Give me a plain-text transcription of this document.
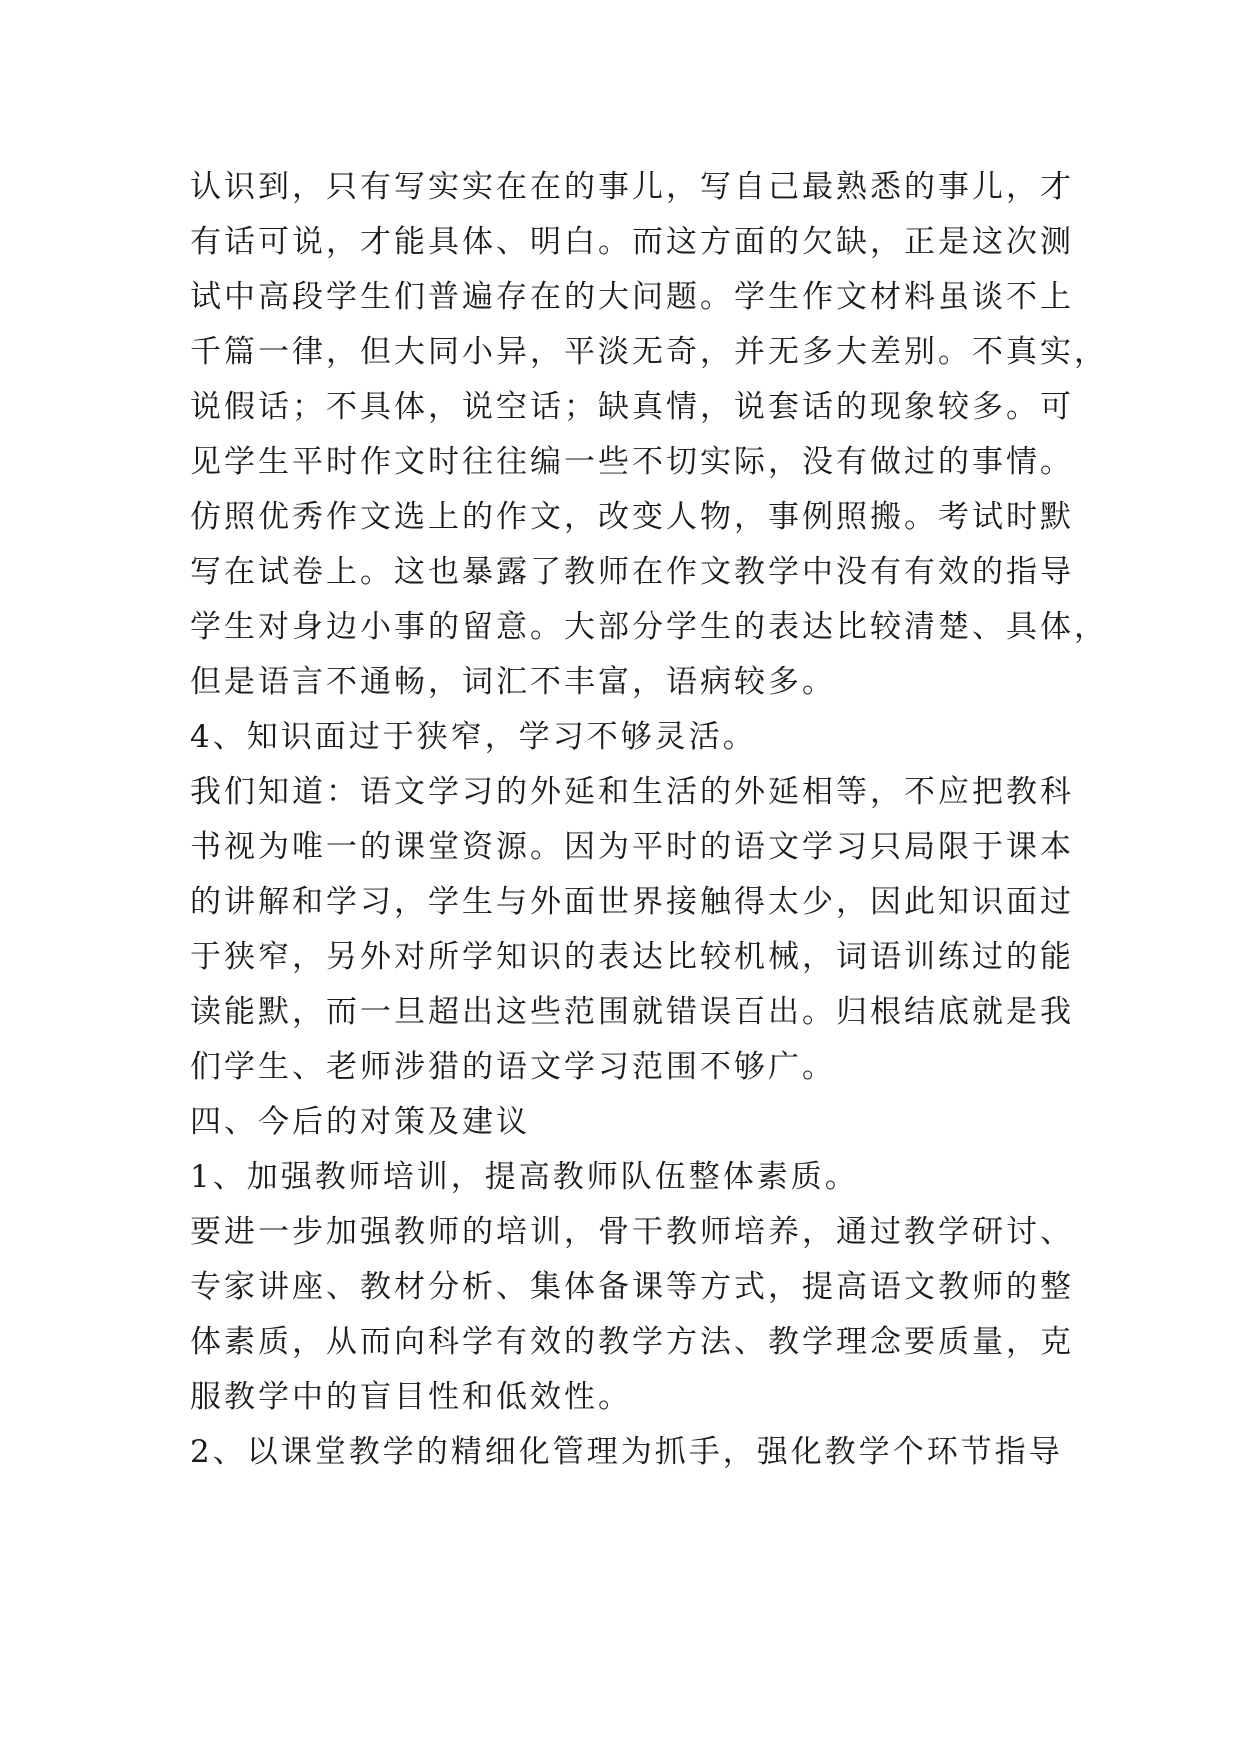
认识到，只有写实实在在的事儿，写自己最熟悉的事儿，才
有话可说，才能具体、明白。而这方面的欠缺，正是这次测
试中高段学生们普遍存在的大问题。学生作文材料虽谈不上
千篇一律，但大同小异，平淡无奇，并无多大差别。不真实，
说假话；不具体，说空话；缺真情，说套话的现象较多。可
见学生平时作文时往往编一些不切实际，没有做过的事情。
仿照优秀作文选上的作文，改变人物，事例照搬。考试时默
写在试卷上。这也暴露了教师在作文教学中没有有效的指导
学生对身边小事的留意。大部分学生的表达比较清楚、具体，
但是语言不通畅，词汇不丰富，语病较多。
4、知识面过于狭窄，学习不够灵活。
我们知道：语文学习的外延和生活的外延相等，不应把教科
书视为唯一的课堂资源。因为平时的语文学习只局限于课本
的讲解和学习，学生与外面世界接触得太少，因此知识面过
于狭窄，另外对所学知识的表达比较机械，词语训练过的能
读能默，而一旦超出这些范围就错误百出。归根结底就是我
们学生、老师涉猎的语文学习范围不够广。
四、今后的对策及建议
1、加强教师培训，提高教师队伍整体素质。
要进一步加强教师的培训，骨干教师培养，通过教学研讨、
专家讲座、教材分析、集体备课等方式，提高语文教师的整
体素质，从而向科学有效的教学方法、教学理念要质量，克
服教学中的盲目性和低效性。
2、以课堂教学的精细化管理为抓手，强化教学个环节指导
